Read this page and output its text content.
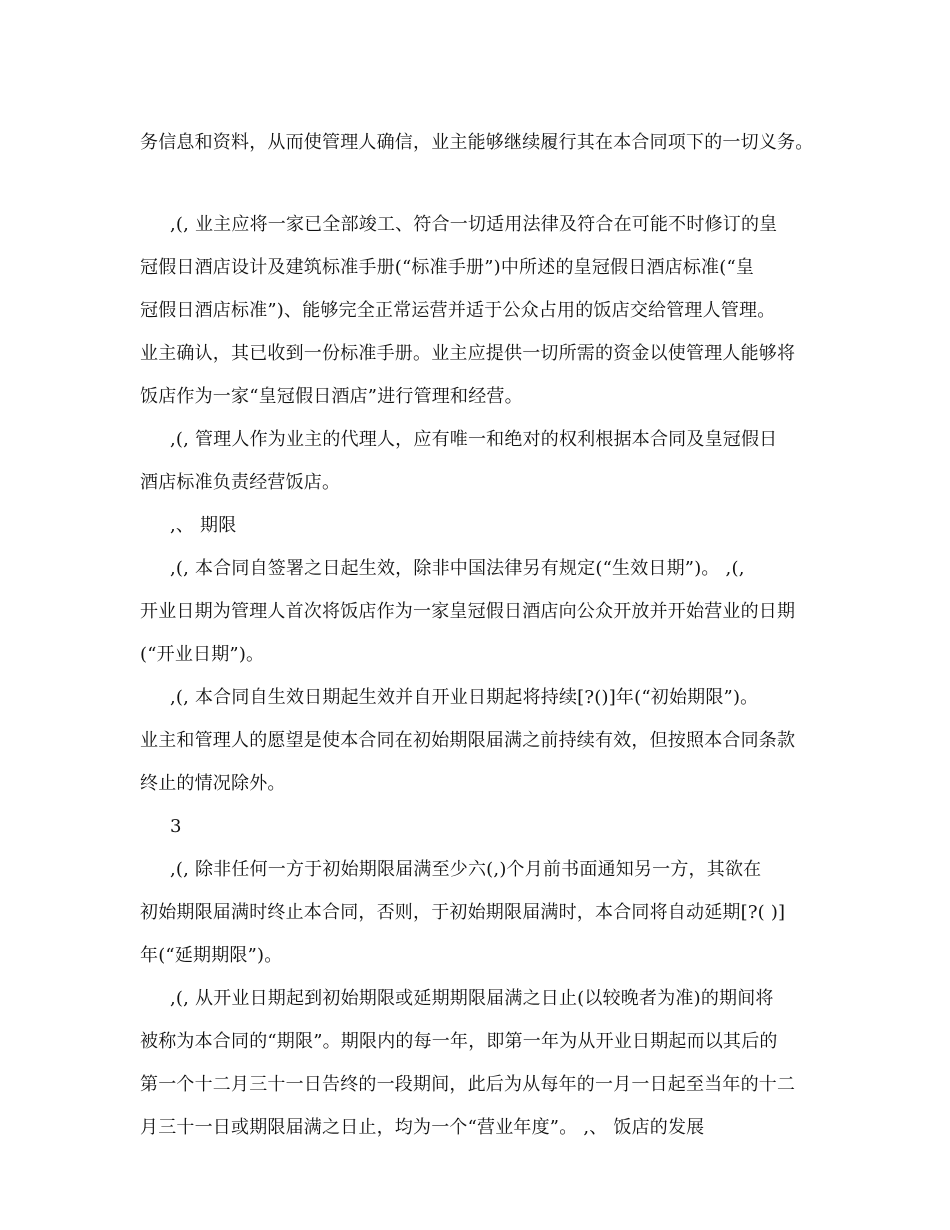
务信息和资料，从而使管理人确信，业主能够继续履行其在本合同项下的一切义务。
,(, 业主应将一家已全部竣工、符合一切适用法律及符合在可能不时修订的皇
冠假日酒店设计及建筑标准手册(“标准手册”)中所述的皇冠假日酒店标准(“皇
冠假日酒店标准”)、能够完全正常运营并适于公众占用的饭店交给管理人管理。
业主确认，其已收到一份标准手册。业主应提供一切所需的资金以使管理人能够将
饭店作为一家“皇冠假日酒店”进行管理和经营。
,(, 管理人作为业主的代理人，应有唯一和绝对的权利根据本合同及皇冠假日
酒店标准负责经营饭店。
,、 期限
,(, 本合同自签署之日起生效，除非中国法律另有规定(“生效日期”)。 ,(,
开业日期为管理人首次将饭店作为一家皇冠假日酒店向公众开放并开始营业的日期
(“开业日期”)。
,(, 本合同自生效日期起生效并自开业日期起将持续[?()]年(“初始期限”)。
业主和管理人的愿望是使本合同在初始期限届满之前持续有效，但按照本合同条款
终止的情况除外。
3
,(, 除非任何一方于初始期限届满至少六(,)个月前书面通知另一方，其欲在
初始期限届满时终止本合同，否则，于初始期限届满时，本合同将自动延期[?( )]
年(“延期期限”)。
,(, 从开业日期起到初始期限或延期期限届满之日止(以较晚者为准)的期间将
被称为本合同的“期限”。期限内的每一年，即第一年为从开业日期起而以其后的
第一个十二月三十一日告终的一段期间，此后为从每年的一月一日起至当年的十二
月三十一日或期限届满之日止，均为一个“营业年度”。 ,、 饭店的发展
